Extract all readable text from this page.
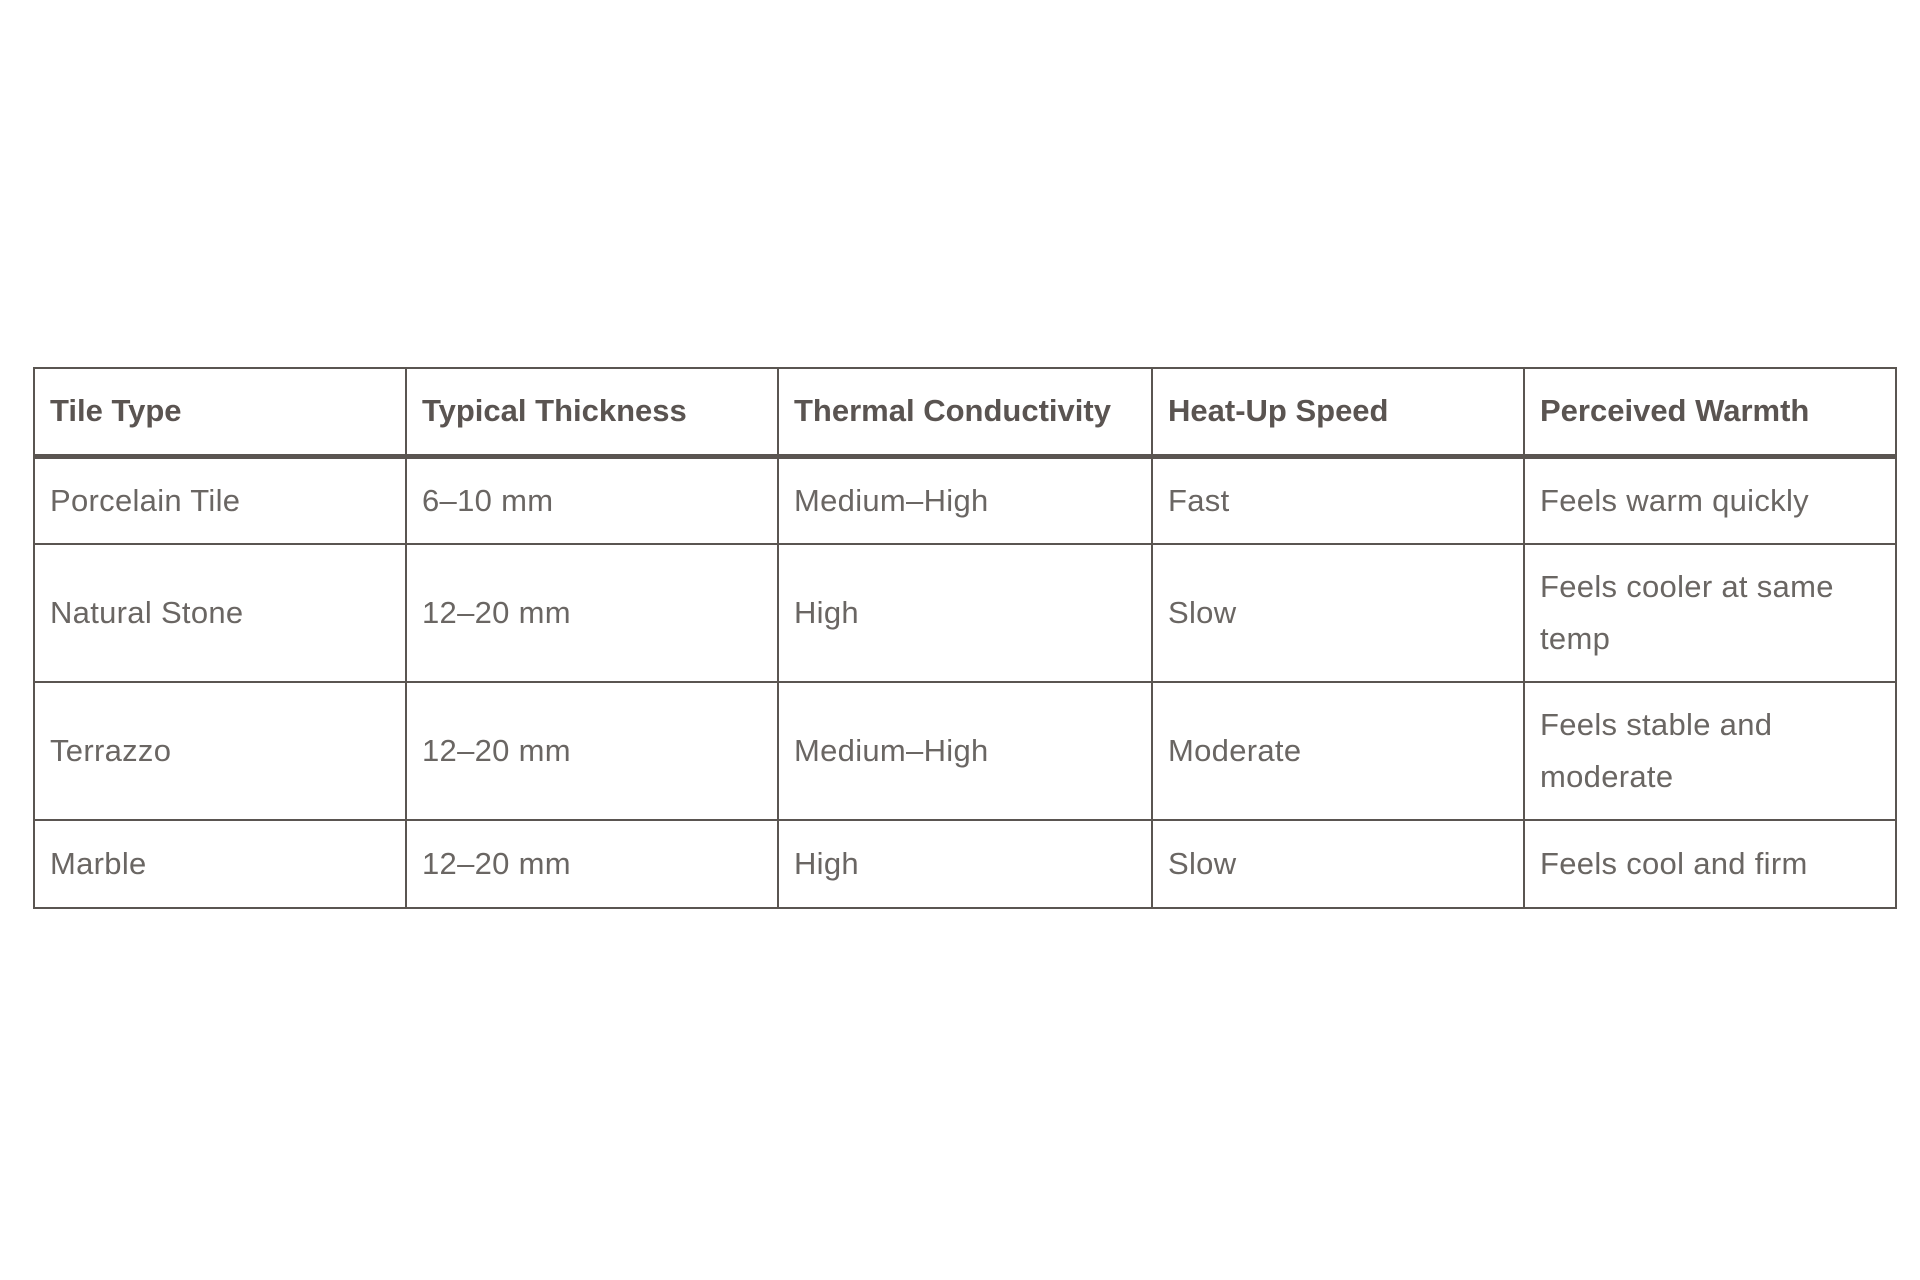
Tile Type	Typical Thickness	Thermal Conductivity	Heat-Up Speed	Perceived Warmth
Porcelain Tile	6–10 mm	Medium–High	Fast	Feels warm quickly
Natural Stone	12–20 mm	High	Slow	Feels cooler at same temp
Terrazzo	12–20 mm	Medium–High	Moderate	Feels stable and moderate
Marble	12–20 mm	High	Slow	Feels cool and firm
